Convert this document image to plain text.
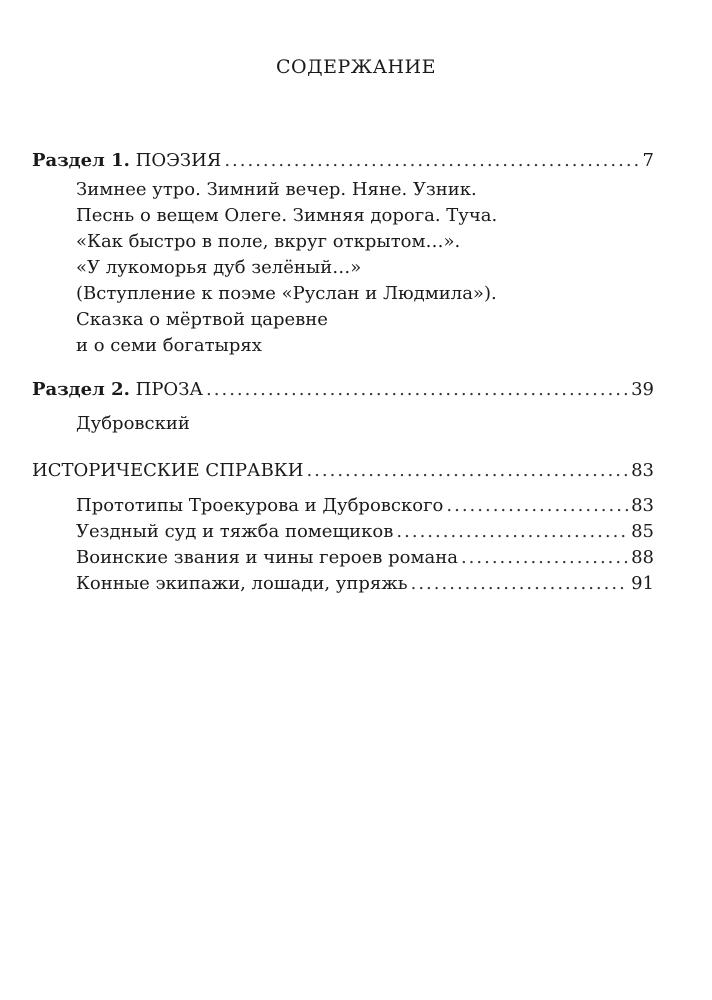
СОДЕРЖАНИЕ
Раздел 1. ПОЭЗИЯ .....	7
Зимнее утро. Зимний вечер. Няне. Узник.
Песнь о вещем Олеге. Зимняя дорога. Туча.
«Как быстро в поле, вкруг открытом…».
«У лукоморья дуб зелёный…»
(Вступление к поэме «Руслан и Людмила»).
Сказка о мёртвой царевне
и о семи богатырях
Раздел 2. ПРОЗА .....	39
Дубровский
ИСТОРИЧЕСКИЕ СПРАВКИ .....	83
Прототипы Троекурова и Дубровского .....	83
Уездный суд и тяжба помещиков .....	85
Воинские звания и чины героев романа .....	88
Конные экипажи, лошади, упряжь .....	91
